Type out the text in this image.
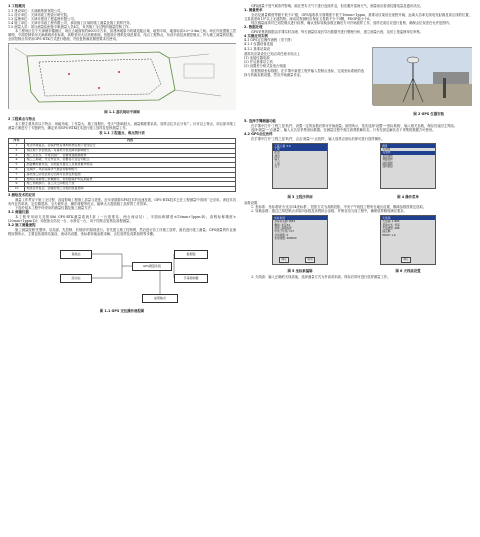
1 工程概况
1.1 建设单位：天津港集团有限公司。
1.2 设计单位：天津市政工程设计研究院。
1.3 监理单位：天津市建设工程监理有限公司。
1.4 施工单位：天津市市政工程有限公司，承担施工区域的施工测量及施工放样任务。
1.5 测量人员：项目测量队配备专职测量人员4名，负责施工全过程的测量控制工作。
本工程场区位于天津港东疆港区，场区占地面积约6000平方米，拟建场地原为吹填造陆区域，地势平坦，地面标高3.0~3.8m之间。场区内设置施工控制网，平面控制采用天津港城市坐标系，高程采用大沽高程系统。依据设计图纸及规范要求，结合工程特点，布设平面及高程控制点，作为施工测量的依据。全部控制点均采用GPS-RTK方式进行联测，并经复核满足精度要求后使用。
图 1.1 基坑现场平面图
2 工程难点与特点
本工程主要具有以下特点：场地开阔、工作量大、施工周期长、受天气影响较大、测量精度要求高、放样点位多且分布广。针对以上特点，项目部对施工测量方案进行了专题研究，确定采用GPS-RTK技术进行施工放样及复核测量工作。
表 1.1 工程重点、难点统计表
序号	内容
1	周边环境复杂，需保护既有建构筑物及地下管线安全
2	场区地下水位较高，对基坑开挖及降水影响较大
3	施工点位多，分布范围广，需要快速准确放样
4	施工工期紧，交叉作业多，需要各专业密切配合
5	测量精度要求高，对测量仪器及人员素质要求较高
6	受潮汐、风浪等海洋气候条件影响较大
7	基坑施工阶段需进行沉降与位移变形监测
8	控制点易被施工机械破坏，需加强保护和定期复核
9	施工场地狭小，各工序之间相互干扰
10	地质条件复杂，需做好施工过程的质量控制
3 测绘技术的应用
测量工作贯穿于施工全过程，直接影响工程施工质量与进度。近年来随着GPS技术的迅速发展，GPS-RTK技术已在工程测量中得到广泛应用。该技术具有作业效率高、定位精度高、全天候作业、操作简便等优点，能够大大提高施工放样的工作效率。
下面介绍本工程中所采用的测量仪器及施工测量方法：
3.1 测量仪器
本工程采用南方灵锐S86 GPS-RTK测量系统1套（一台基准站、两台流动站），平面标称精度±(10mm+1ppm·D)，高程标称精度±(20mm+1ppm·D)；另配备全站仪一台、水准仪一台，用于控制点复核及高程测量。
3.2 施工测量流程
施工测量按照'先整体、后局部，先控制、后细部'的原则进行。首先建立施工控制网，然后进行各工序施工放样，最后进行竣工测量。GPS测量的作业流程如图所示，主要包括基准站架设、流动站设置、坐标系转换参数求解、点位放样及成果检核等步骤。
基准站
流动站
GPS测量系统
数据链
手簿控制器
成果输出
图 1.1 GPS 定位操作流程图
GPS测量不受气候条件影响，能在恶劣天气下进行连续作业，但应避开雷雨天气，测量前应检查仪器电量及通讯状况。
1. 测量要求
全站仪测量精度等级不低于2"级，GPS接收机平面精度不低于10mm+1ppm，基准站应架设在视野开阔、远离大功率无线电发射源及高压线的位置，卫星高度角15°以上无遮挡物。流动站观测时应保证卫星数不少于5颗，PDOP值小于6。
每次测量前须对已知控制点进行检核，确认坐标转换参数正确后方可开始放样工作，放样完成后应进行复核，确保点位误差在允许范围内。
2. 数据处理
GPS采集的数据由手簿实时存储，每天测量结束后导出数据并进行整理分析，建立测量台账，及时上报监理单位审核。
4 实测应用实例
4.1 GPS定位操作流程（见下图）
4.1.1 仪器设备连接
4.1.2 基准站架设
基准站应架设在已知点或任意未知点上
(1) 连接仪器电源
(2) 开启基准站主机
(3) 设置差分格式及电台频道
依据图纸坐标数据，在手簿中新建工程并输入控制点坐标，完成坐标系统的选择与转换参数设置，然后开始测量作业。
图 2 GPS 仪器安装
5. 选择手簿测量功能
在手簿中打开'工程之星'软件，设置一定的参数后即可开始测量。如图所示，依次选择'设置'→'坐标系统'，输入相关参数，保存后返回主界面。
选择'测量'→'点测量'，输入点名后采集坐标数据。在测量过程中需注意观察解状态，只有在固定解状态下采集的数据方可使用。
4.2 GPS点位放样
在手簿中打开'工程之星'软件，点击'测量'→'点放样'，输入放样点坐标后即可进行放样操作。
工程之星 3.0
工程
配置
测量
输入
工具
关于
测量
点测量
点放样
直线放样
道路放样
曲线放样
面积测量
图 3 主程序界面	图 4 操作菜单
参数设置：
1. 坐标系：坐标系统为'北京54坐标系'，投影方式为高斯投影，中央子午线按工程所在地区设置，椭球参数按规定选取。
2. 转换参数：通过已知控制点求取四参数及高程拟合参数，并保存至当前工程中，确保放样精度满足要求。
坐标系统
坐标系名称: BJ54
椭球: 北京54
投影: 高斯投影
中央子午线: 117
北加常数: 0
东加常数: 500000
确定	取消
天线高
天线高: 1.800
量取方式: 杆高
天线类型: S86
固定解
PDOP: 1.9
确定
图 5 坐标系编辑	图 6 天线高设置
3. 天线高：输入正确的天线高值，选择测量方式为杆高或斜高，保存后即可进行放样测量工作。
